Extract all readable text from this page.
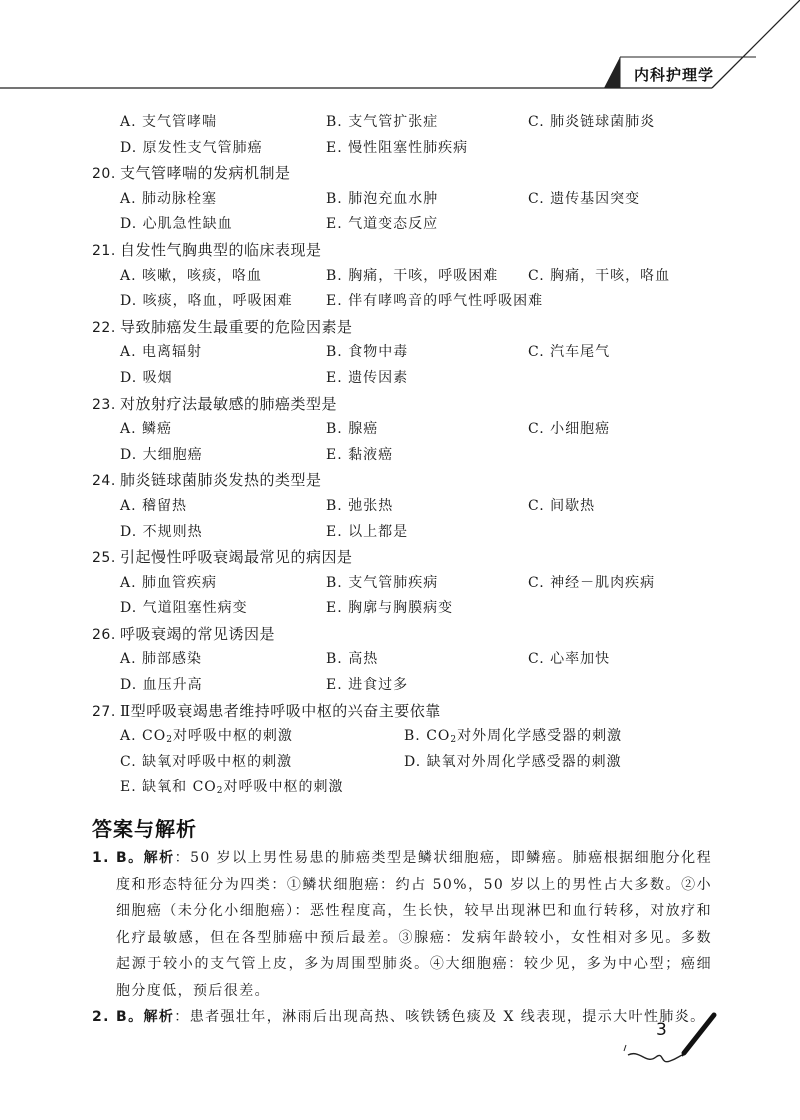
内科护理学
A. 支气管哮喘	B. 支气管扩张症	C. 肺炎链球菌肺炎
D. 原发性支气管肺癌	E. 慢性阻塞性肺疾病
20. 支气管哮喘的发病机制是
A. 肺动脉栓塞	B. 肺泡充血水肿	C. 遗传基因突变
D. 心肌急性缺血	E. 气道变态反应
21. 自发性气胸典型的临床表现是
A. 咳嗽，咳痰，咯血	B. 胸痛，干咳，呼吸困难 C. 胸痛，干咳，咯血
D. 咳痰，咯血，呼吸困难 E. 伴有哮鸣音的呼气性呼吸困难
22. 导致肺癌发生最重要的危险因素是
A. 电离辐射	B. 食物中毒	C. 汽车尾气
D. 吸烟	E. 遗传因素
23. 对放射疗法最敏感的肺癌类型是
A. 鳞癌	B. 腺癌	C. 小细胞癌
D. 大细胞癌	E. 黏液癌
24. 肺炎链球菌肺炎发热的类型是
A. 稽留热	B. 弛张热	C. 间歇热
D. 不规则热	E. 以上都是
25. 引起慢性呼吸衰竭最常见的病因是
A. 肺血管疾病	B. 支气管肺疾病	C. 神经－肌肉疾病
D. 气道阻塞性病变	E. 胸廓与胸膜病变
26. 呼吸衰竭的常见诱因是
A. 肺部感染	B. 高热	C. 心率加快
D. 血压升高	E. 进食过多
27. Ⅱ型呼吸衰竭患者维持呼吸中枢的兴奋主要依靠
A. $CO_2$对呼吸中枢的刺激	B. $CO_2$对外周化学感受器的刺激
C. 缺氧对呼吸中枢的刺激	D. 缺氧对外周化学感受器的刺激
E. 缺氧和 $CO_2$对呼吸中枢的刺激
答案与解析
1. B。解析：50 岁以上男性易患的肺癌类型是鳞状细胞癌，即鳞癌。肺癌根据细胞分化程度和形态特征分为四类：①鳞状细胞癌：约占 50%，50 岁以上的男性占大多数。②小细胞癌（未分化小细胞癌）：恶性程度高，生长快，较早出现淋巴和血行转移，对放疗和化疗最敏感，但在各型肺癌中预后最差。③腺癌：发病年龄较小，女性相对多见。多数起源于较小的支气管上皮，多为周围型肺炎。④大细胞癌：较少见，多为中心型；癌细胞分度低，预后很差。
2. B。解析：患者强壮年，淋雨后出现高热、咳铁锈色痰及 X 线表现，提示大叶性肺炎。
3
